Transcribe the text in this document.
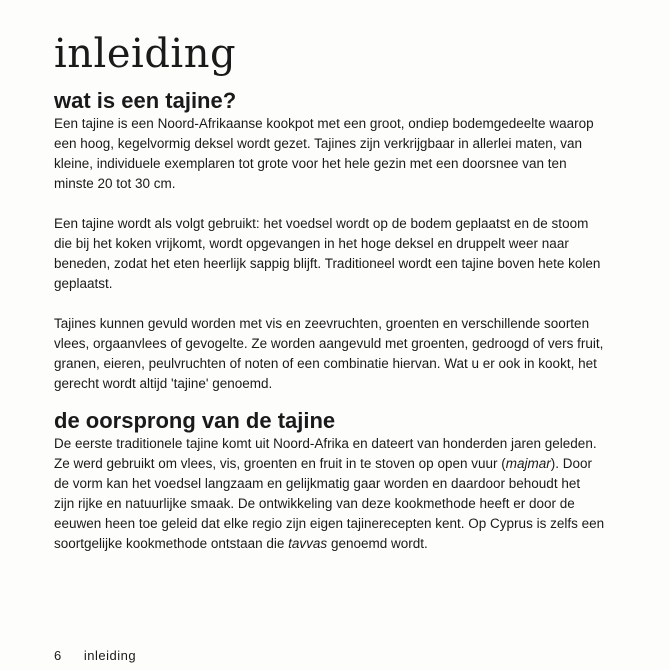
inleiding
wat is een tajine?

Een tajine is een Noord-Afrikaanse kookpot met een groot, ondiep bodemgedeelte waarop
een hoog, kegelvormig deksel wordt gezet. Tajines zijn verkrijgbaar in allerlei maten, van
kleine, individuele exemplaren tot grote voor het hele gezin met een doorsnee van ten
minste 20 tot 30 cm.

Een tajine wordt als volgt gebruikt: het voedsel wordt op de bodem geplaatst en de stoom
die bij het koken vrijkomt, wordt opgevangen in het hoge deksel en druppelt weer naar
beneden, zodat het eten heerlijk sappig blijft. Traditioneel wordt een tajine boven hete kolen
geplaatst.

Tajines kunnen gevuld worden met vis en zeevruchten, groenten en verschillende soorten
vlees, orgaanvlees of gevogelte. Ze worden aangevuld met groenten, gedroogd of vers fruit,
granen, eieren, peulvruchten of noten of een combinatie hiervan. Wat u er ook in kookt, het
gerecht wordt altijd 'tajine' genoemd.

de oorsprong van de tajine

De eerste traditionele tajine komt uit Noord-Afrika en dateert van honderden jaren geleden.
Ze werd gebruikt om vlees, vis, groenten en fruit in te stoven op open vuur (majmar). Door
de vorm kan het voedsel langzaam en gelijkmatig gaar worden en daardoor behoudt het
zijn rijke en natuurlijke smaak. De ontwikkeling van deze kookmethode heeft er door de
eeuwen heen toe geleid dat elke regio zijn eigen tajinerecepten kent. Op Cyprus is zelfs een
soortgelijke kookmethode ontstaan die tavvas genoemd wordt.

6 inleiding
